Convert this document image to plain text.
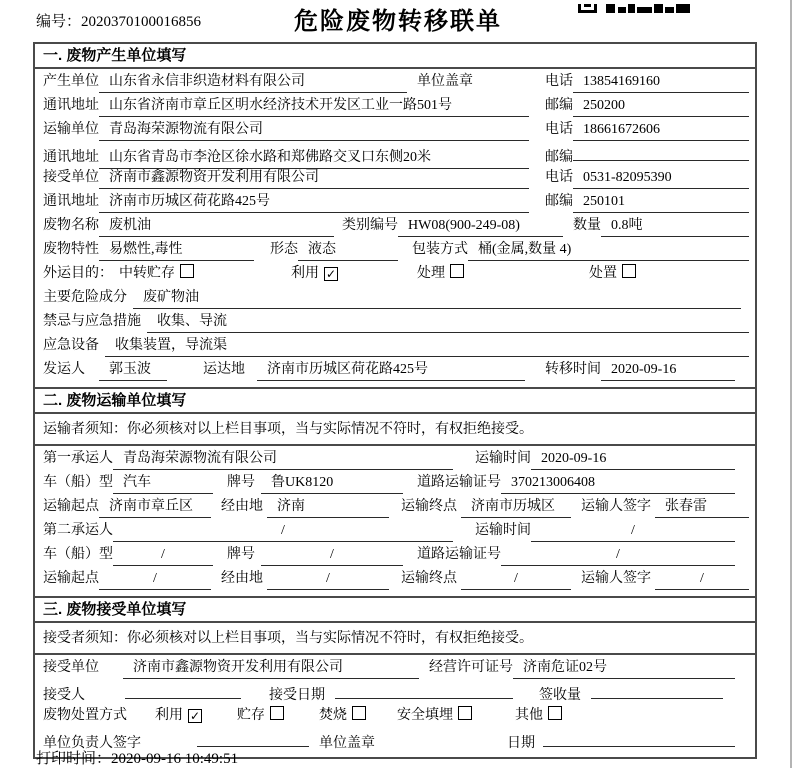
编号：2020370100016856	危险废物转移联单
一. 废物产生单位填写
产生单位 山东省永信非织造材料有限公司	单位盖章	电话 13854169160
通讯地址 山东省济南市章丘区明水经济技术开发区工业一路501号	邮编 250200
运输单位 青岛海荣源物流有限公司	电话 18661672606
通讯地址 山东省青岛市李沧区徐水路和郑佛路交叉口东侧20米	邮编
接受单位 济南市鑫源物资开发利用有限公司	电话 0531-82095390
通讯地址 济南市历城区荷花路425号	邮编 250101
废物名称 废机油	类别编号 HW08(900-249-08)	数量 0.8吨
废物特性 易燃性,毒性	形态 液态	包装方式 桶(金属,数量 4)
外运目的： 中转贮存	利用 ✓	处理	处置
主要危险成分	废矿物油
禁忌与应急措施	收集、导流
应急设备	收集装置，导流渠
发运人	郭玉波	运达地	济南市历城区荷花路425号	转移时间 2020-09-16
二. 废物运输单位填写
运输者须知：你必须核对以上栏目事项，当与实际情况不符时，有权拒绝接受。
第一承运人 青岛海荣源物流有限公司	运输时间 2020-09-16
车（船）型 汽车	牌号	鲁UK8120	道路运输证号 370213006408
运输起点 济南市章丘区	经由地	济南	运输终点	济南市历城区	运输人签字	张春雷
第二承运人	/	运输时间	/
车（船）型	/	牌号	/	道路运输证号	/
运输起点	/	经由地	/	运输终点	/	运输人签字	/
三. 废物接受单位填写
接受者须知：你必须核对以上栏目事项，当与实际情况不符时，有权拒绝接受。
接受单位	济南市鑫源物资开发利用有限公司	经营许可证号 济南危证02号
接受人	接受日期	签收量
废物处置方式 利用 ✓	贮存	焚烧	安全填埋	其他
单位负责人签字	单位盖章	日期
打印时间：2020-09-16 10:49:51
